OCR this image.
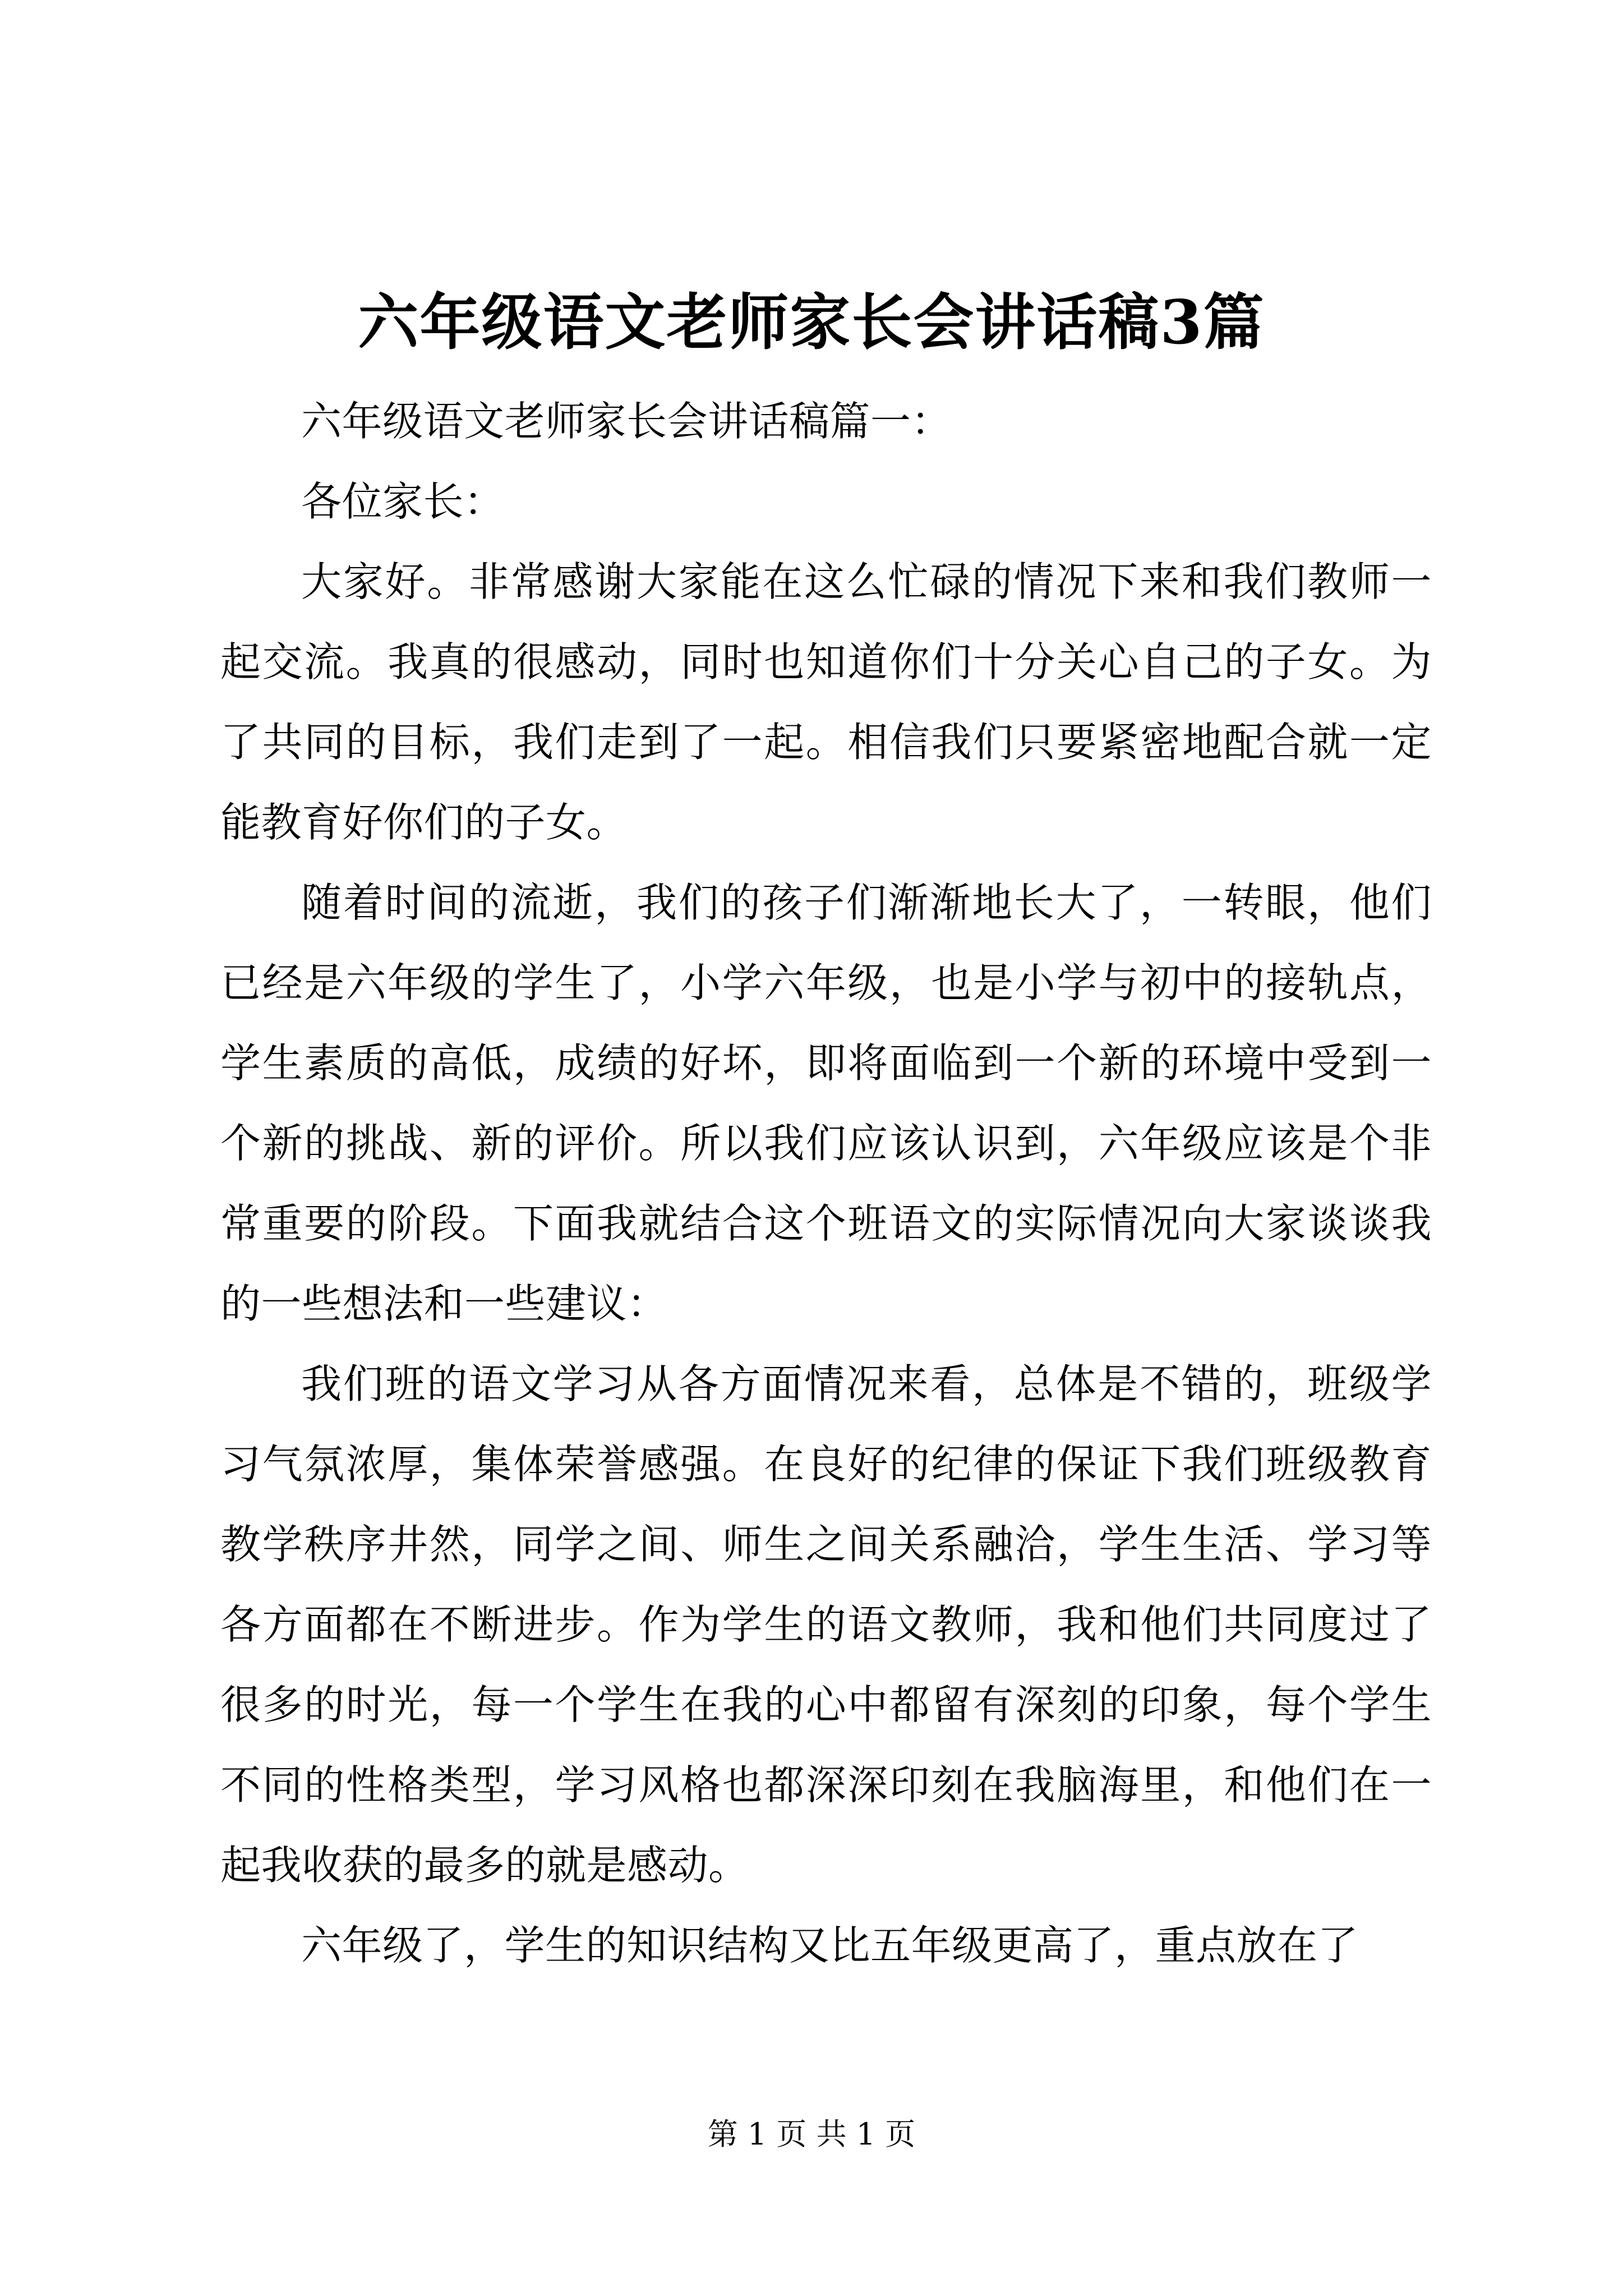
六年级语文老师家长会讲话稿3篇

六年级语文老师家长会讲话稿篇一：

各位家长：

大家好。非常感谢大家能在这么忙碌的情况下来和我们教师一起交流。我真的很感动，同时也知道你们十分关心自己的子女。为了共同的目标，我们走到了一起。相信我们只要紧密地配合就一定能教育好你们的子女。

随着时间的流逝，我们的孩子们渐渐地长大了，一转眼，他们已经是六年级的学生了，小学六年级，也是小学与初中的接轨点，学生素质的高低，成绩的好坏，即将面临到一个新的环境中受到一个新的挑战、新的评价。所以我们应该认识到，六年级应该是个非常重要的阶段。下面我就结合这个班语文的实际情况向大家谈谈我的一些想法和一些建议：

我们班的语文学习从各方面情况来看，总体是不错的，班级学习气氛浓厚，集体荣誉感强。在良好的纪律的保证下我们班级教育教学秩序井然，同学之间、师生之间关系融洽，学生生活、学习等各方面都在不断进步。作为学生的语文教师，我和他们共同度过了很多的时光，每一个学生在我的心中都留有深刻的印象，每个学生不同的性格类型，学习风格也都深深印刻在我脑海里，和他们在一起我收获的最多的就是感动。

六年级了，学生的知识结构又比五年级更高了，重点放在了

第 1 页 共 1 页
